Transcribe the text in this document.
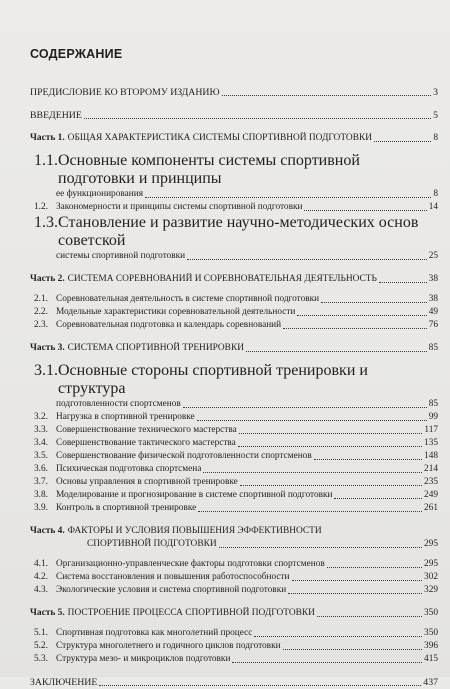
СОДЕРЖАНИЕ
ПРЕДИСЛОВИЕ КО ВТОРОМУ ИЗДАНИЮ	3
ВВЕДЕНИЕ	5
Часть 1. ОБЩАЯ ХАРАКТЕРИСТИКА СИСТЕМЫ СПОРТИВНОЙ ПОДГОТОВКИ	8
1.1. Основные компоненты системы спортивной подготовки и принципы
ее функционирования	8
1.2. Закономерности и принципы системы спортивной подготовки	14
1.3. Становление и развитие научно-методических основ советской
системы спортивной подготовки	25
Часть 2. СИСТЕМА СОРЕВНОВАНИЙ И СОРЕВНОВАТЕЛЬНАЯ ДЕЯТЕЛЬНОСТЬ	38
2.1. Соревновательная деятельность в системе спортивной подготовки	38
2.2. Модельные характеристики соревновательной деятельности	49
2.3. Соревновательная подготовка и календарь соревнований	76
Часть 3. СИСТЕМА СПОРТИВНОЙ ТРЕНИРОВКИ	85
3.1. Основные стороны спортивной тренировки и структура
подготовленности спортсменов	85
3.2. Нагрузка в спортивной тренировке	99
3.3. Совершенствование технического мастерства	117
3.4. Совершенствование тактического мастерства	135
3.5. Совершенствование физической подготовленности спортсменов	148
3.6. Психическая подготовка спортсмена	214
3.7. Основы управления в спортивной тренировке	235
3.8. Моделирование и прогнозирование в системе спортивной подготовки	249
3.9. Контроль в спортивной тренировке	261
Часть 4. ФАКТОРЫ И УСЛОВИЯ ПОВЫШЕНИЯ ЭФФЕКТИВНОСТИ
СПОРТИВНОЙ ПОДГОТОВКИ	295
4.1. Организационно-управленческие факторы подготовки спортсменов	295
4.2. Система восстановления и повышения работоспособности	302
4.3. Экологические условия и система спортивной подготовки	329
Часть 5. ПОСТРОЕНИЕ ПРОЦЕССА СПОРТИВНОЙ ПОДГОТОВКИ	350
5.1. Спортивная подготовка как многолетний процесс	350
5.2. Структура многолетнего и годичного циклов подготовки	396
5.3. Структура мезо- и микроциклов подготовки	415
ЗАКЛЮЧЕНИЕ	437
